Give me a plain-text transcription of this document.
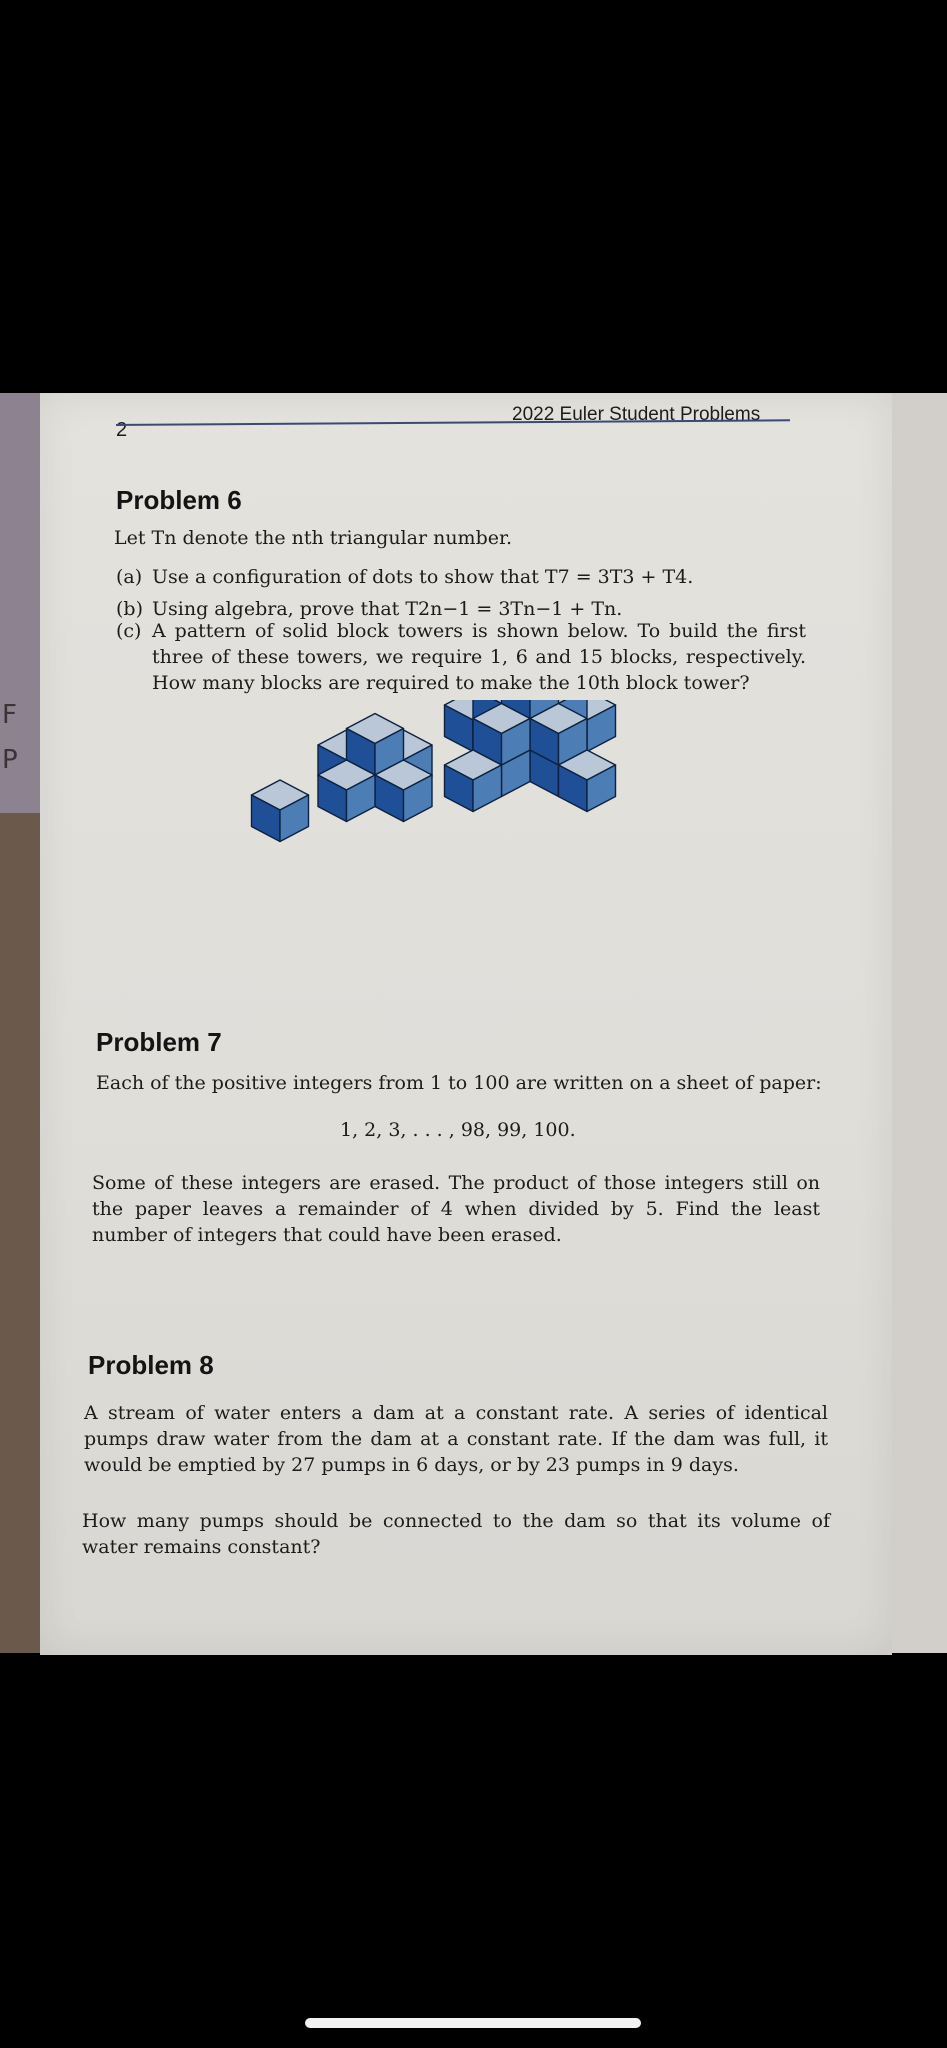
F
P
2
2022 Euler Student Problems
Problem 6
Let Tn denote the nth triangular number.
(a) Use a configuration of dots to show that T7 = 3T3 + T4.
(b) Using algebra, prove that T2n−1 = 3Tn−1 + Tn.
(c) A pattern of solid block towers is shown below. To build the first three of these towers, we require 1, 6 and 15 blocks, respectively. How many blocks are required to make the 10th block tower?
Problem 7
Each of the positive integers from 1 to 100 are written on a sheet of paper:
1, 2, 3, . . . , 98, 99, 100.
Some of these integers are erased. The product of those integers still on the paper leaves a remainder of 4 when divided by 5. Find the least number of integers that could have been erased.
Problem 8
A stream of water enters a dam at a constant rate. A series of identical pumps draw water from the dam at a constant rate. If the dam was full, it would be emptied by 27 pumps in 6 days, or by 23 pumps in 9 days.
How many pumps should be connected to the dam so that its volume of water remains constant?
